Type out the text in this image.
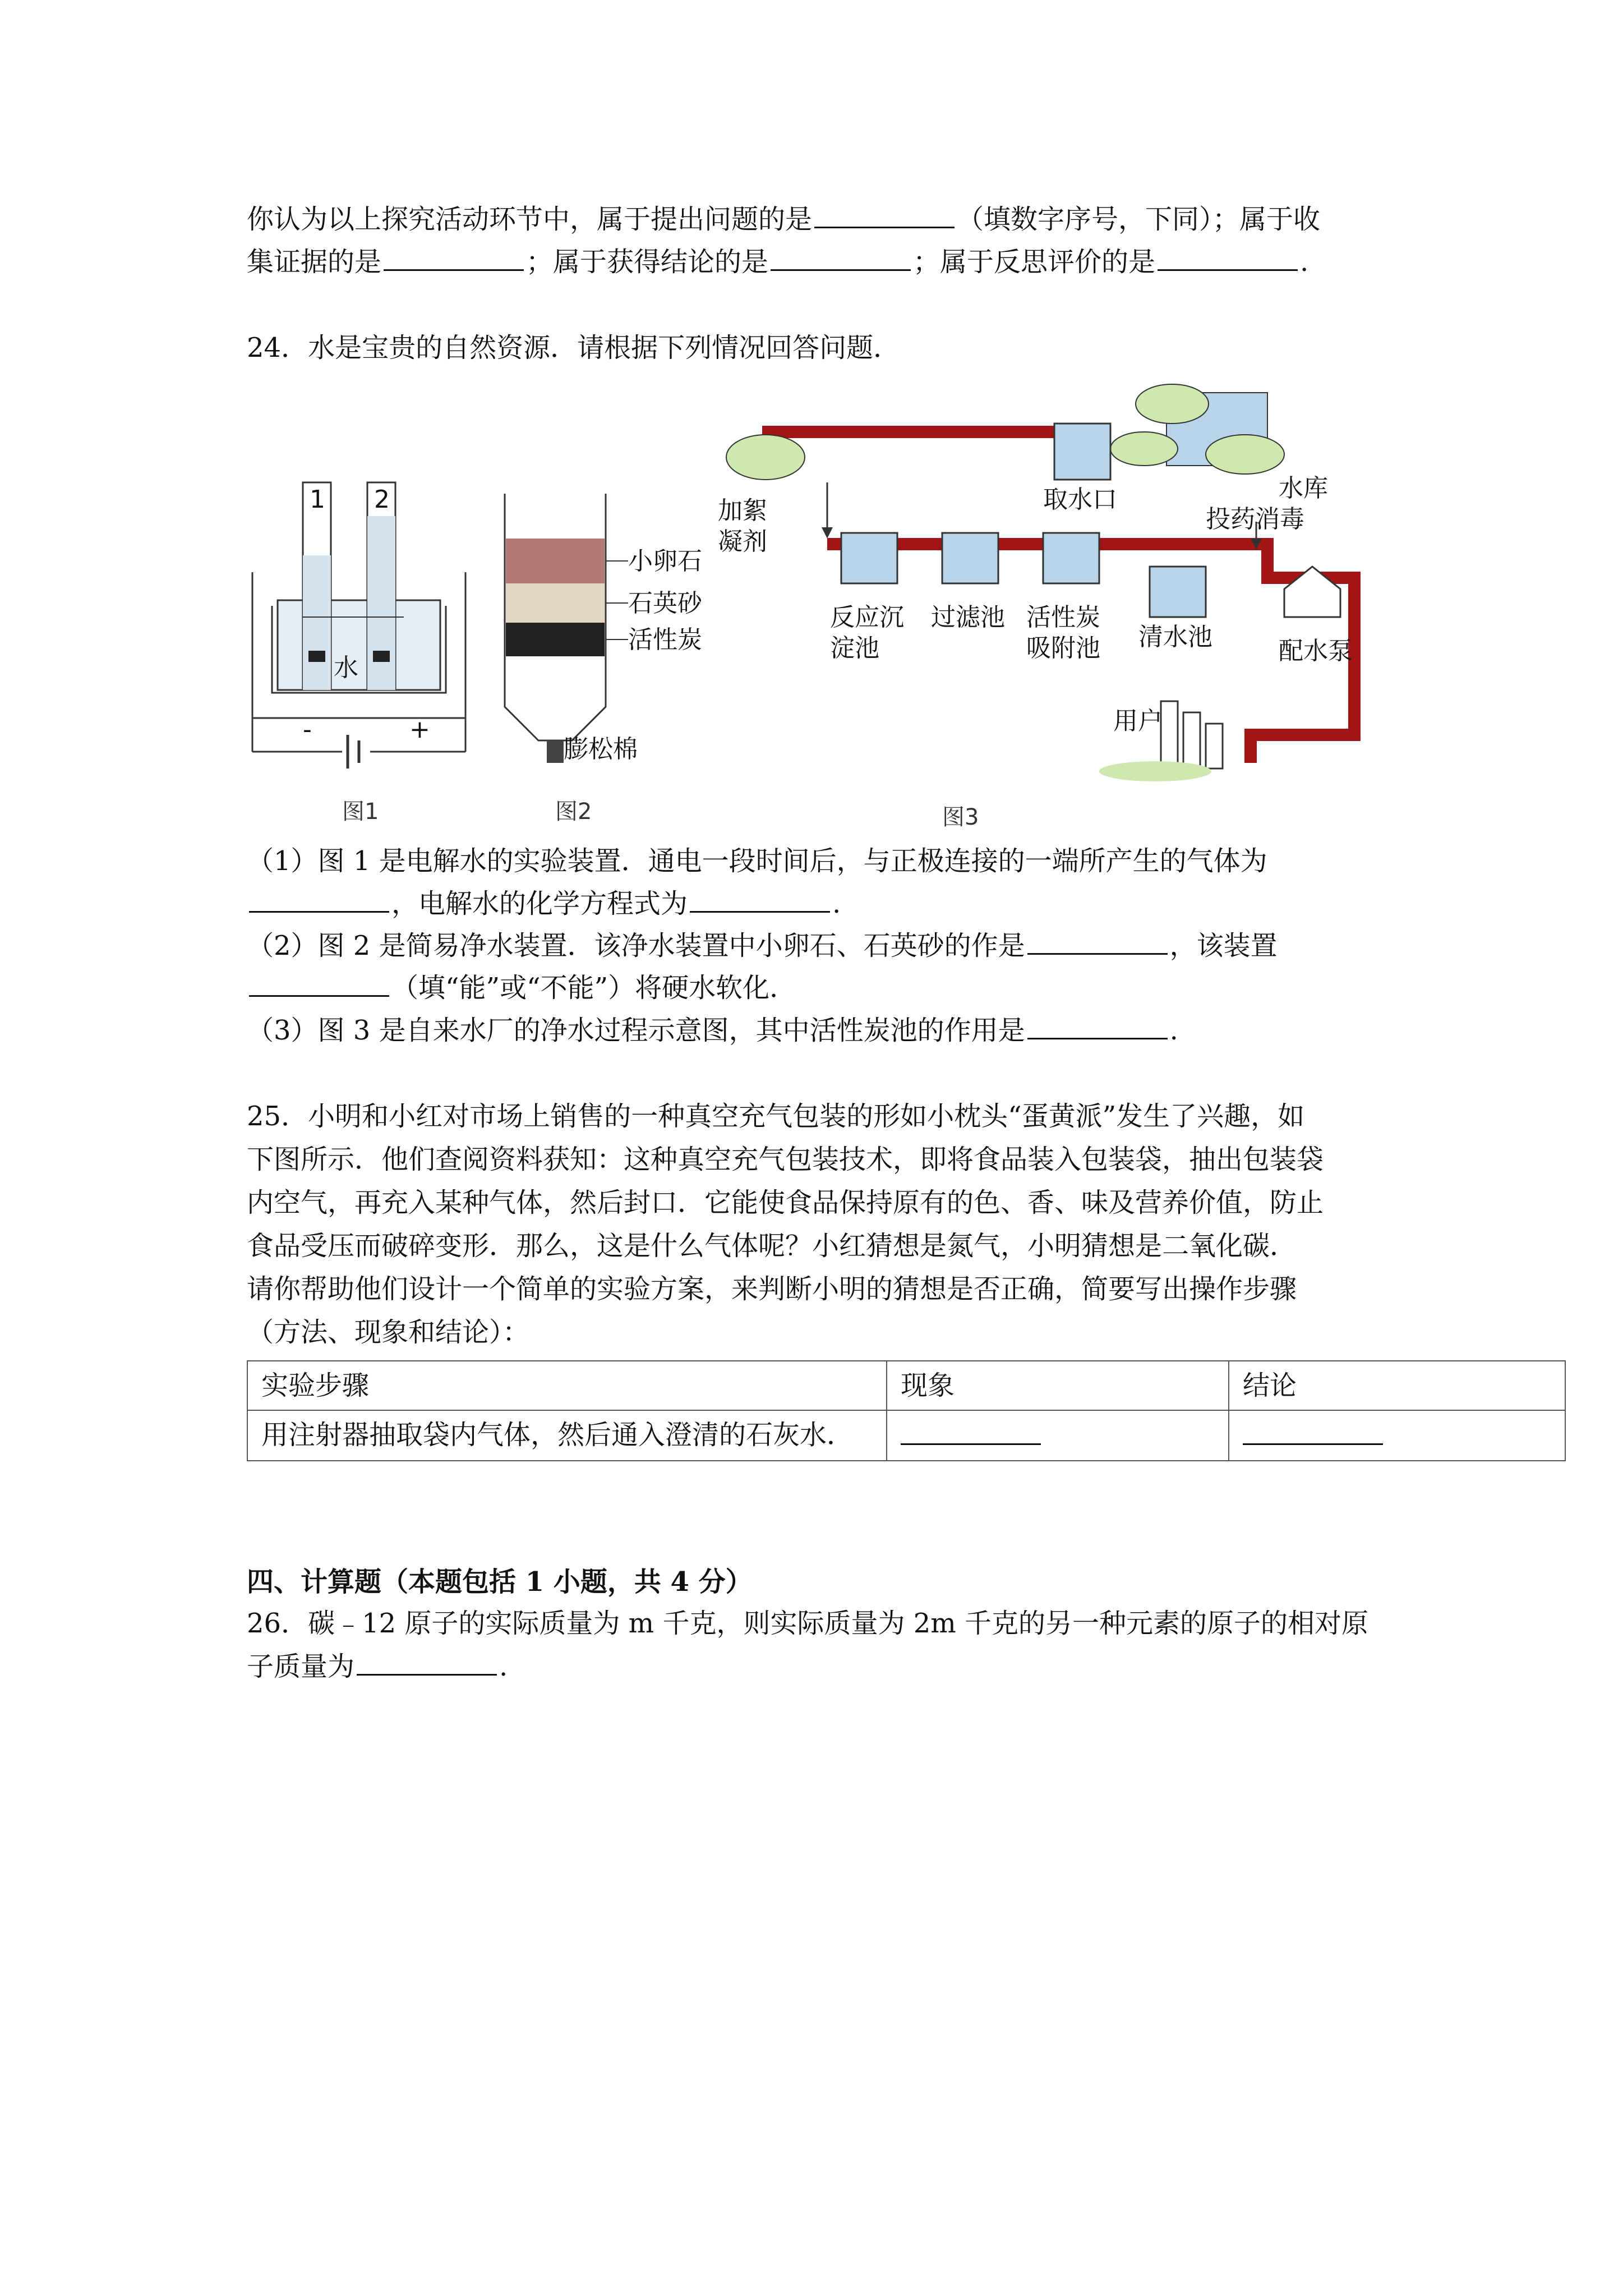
你认为以上探究活动环节中，属于提出问题的是	（填数字序号，下同）；属于收
集证据的是	；属于获得结论的是	；属于反思评价的是	.
24．水是宝贵的自然资源．请根据下列情况回答问题．
1 2
水
-	+
图1
小卵石
石英砂
活性炭
膨松棉
图2
取水口	水库
加絮
凝剂
投药消毒
反应沉
淀池
过滤池 活性炭
吸附池 清水池	配水泵
用户
图3
（1）图 1 是电解水的实验装置．通电一段时间后，与正极连接的一端所产生的气体为
，电解水的化学方程式为	.
（2）图 2 是简易净水装置．该净水装置中小卵石、石英砂的作是	，该装置
（填“能”或“不能”）将硬水软化．
（3）图 3 是自来水厂的净水过程示意图，其中活性炭池的作用是	.
25．小明和小红对市场上销售的一种真空充气包装的形如小枕头“蛋黄派”发生了兴趣，如
下图所示．他们查阅资料获知：这种真空充气包装技术，即将食品装入包装袋，抽出包装袋
内空气，再充入某种气体，然后封口．它能使食品保持原有的色、香、味及营养价值，防止
食品受压而破碎变形．那么，这是什么气体呢？小红猜想是氮气，小明猜想是二氧化碳．
请你帮助他们设计一个简单的实验方案，来判断小明的猜想是否正确，简要写出操作步骤
（方法、现象和结论）：
实验步骤	现象	结论
用注射器抽取袋内气体，然后通入澄清的石灰水．		
四、计算题（本题包括 1 小题，共 4 分）
26．碳﹣12 原子的实际质量为 m 千克，则实际质量为 2m 千克的另一种元素的原子的相对原
子质量为	.
